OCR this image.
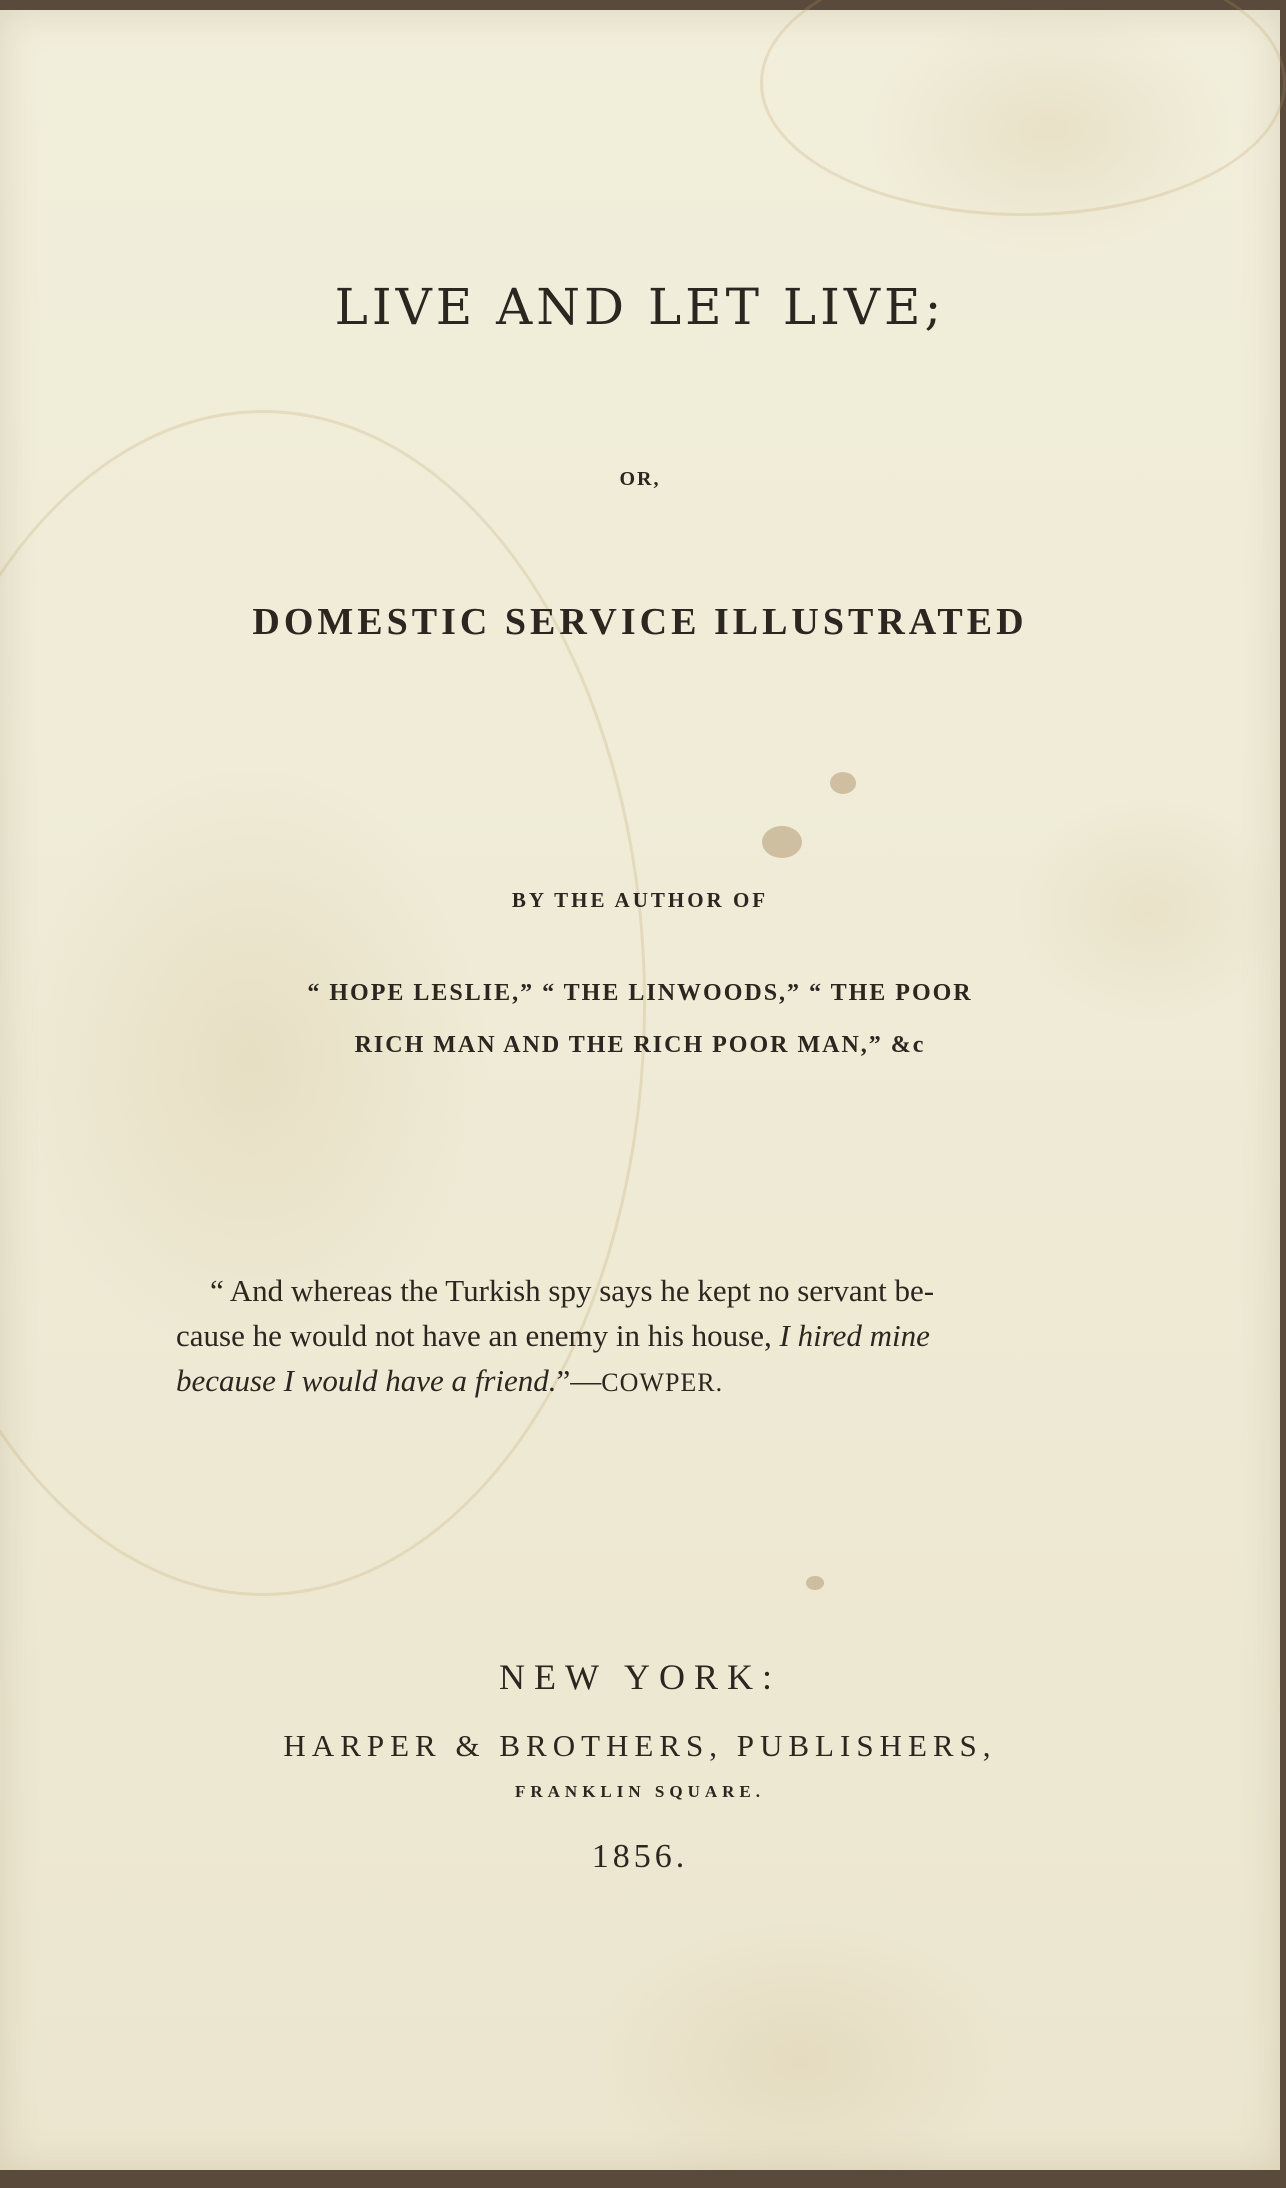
LIVE AND LET LIVE;
OR,
DOMESTIC SERVICE ILLUSTRATED
BY THE AUTHOR OF
“ HOPE LESLIE,” “ THE LINWOODS,” “ THE POOR
RICH MAN AND THE RICH POOR MAN,” &c
“ And whereas the Turkish spy says he kept no servant be-
cause he would not have an enemy in his house, I hired mine
because I would have a friend.”—COWPER.
NEW YORK:
HARPER & BROTHERS, PUBLISHERS,
FRANKLIN SQUARE.
1856.
